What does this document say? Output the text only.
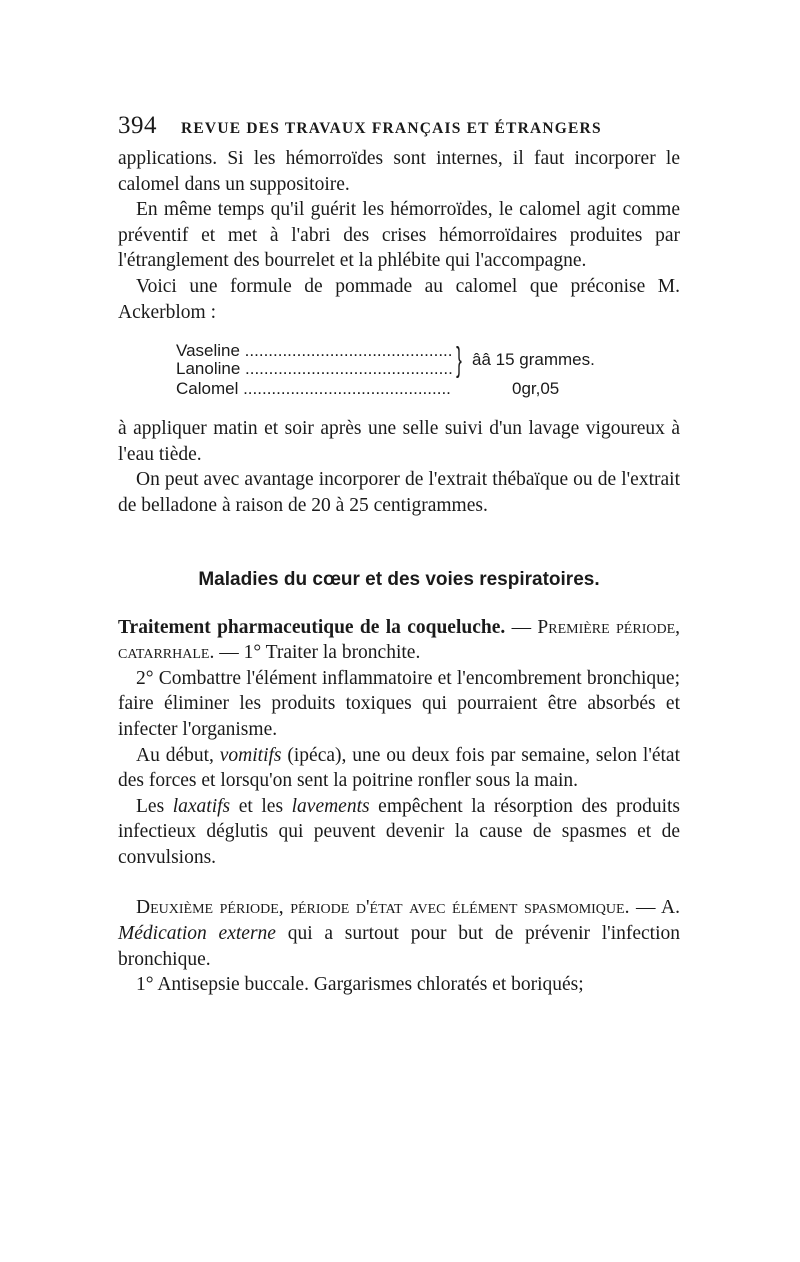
394 REVUE DES TRAVAUX FRANÇAIS ET ÉTRANGERS

applications. Si les hémorroïdes sont internes, il faut incorporer le calomel dans un suppositoire.

En même temps qu'il guérit les hémorroïdes, le calomel agit comme préventif et met à l'abri des crises hémorroïdaires produites par l'étranglement des bourrelet et la phlébite qui l'accompagne.

Voici une formule de pommade au calomel que préconise M. Ackerblom :

Vaseline .....
Lanoline .....	} ââ 15 grammes.
Calomel .....	0gr,05

à appliquer matin et soir après une selle suivi d'un lavage vigoureux à l'eau tiède.

On peut avec avantage incorporer de l'extrait thébaïque ou de l'extrait de belladone à raison de 20 à 25 centigrammes.

Maladies du cœur et des voies respiratoires.

Traitement pharmaceutique de la coqueluche. — Première période, catarrhale. — 1° Traiter la bronchite.

2° Combattre l'élément inflammatoire et l'encombrement bronchique; faire éliminer les produits toxiques qui pourraient être absorbés et infecter l'organisme.

Au début, vomitifs (ipéca), une ou deux fois par semaine, selon l'état des forces et lorsqu'on sent la poitrine ronfler sous la main.

Les laxatifs et les lavements empêchent la résorption des produits infectieux déglutis qui peuvent devenir la cause de spasmes et de convulsions.

Deuxième période, période d'état avec élément spasmomique. — A. Médication externe qui a surtout pour but de prévenir l'infection bronchique.

1° Antisepsie buccale. Gargarismes chloratés et boriqués;
